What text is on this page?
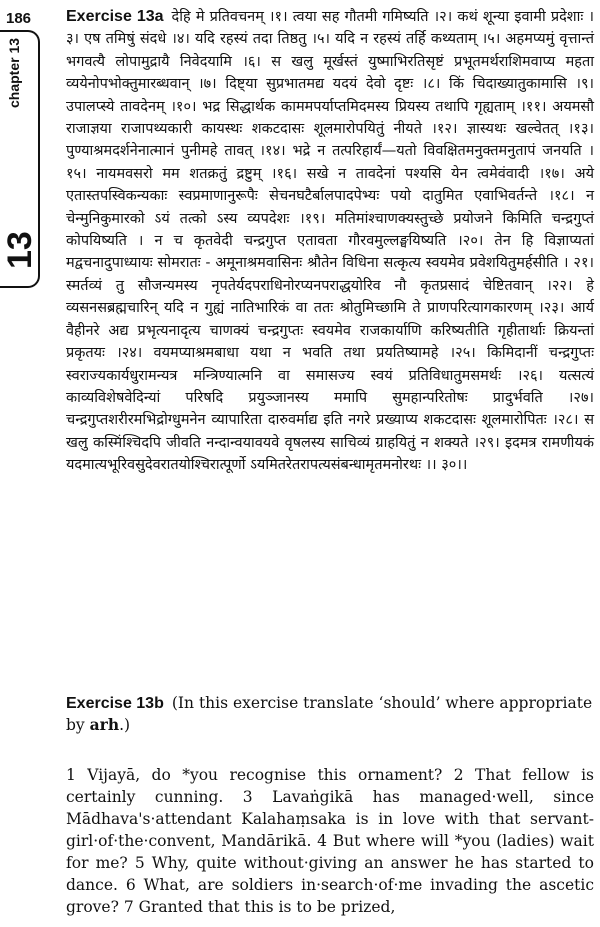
186
chapter 13
13
Exercise 13a देहि मे प्रतिवचनम् ।१। त्वया सह गौतमी गमिष्यति ।२। कथं शून्या इवामी प्रदेशाः ।३। एष तमिषुं संदधे ।४। यदि रहस्यं तदा तिष्ठतु ।५। यदि न रहस्यं तर्हि कथ्यताम् ।५। अहमप्यमुं वृत्तान्तं भगवत्यै लोपामुद्रायै निवेदयामि ।६। स खलु मूर्खस्तं युष्माभिरतिसृष्टं प्रभूतमर्थराशिमवाप्य महता व्ययेनोपभोक्तुमारब्धवान् ।७। दिष्ट्या सुप्रभातमद्य यदयं देवो दृष्टः ।८। किं चिदाख्यातुकामासि ।९। उपालप्स्ये तावदेनम् ।१०। भद्र सिद्धार्थक काममपर्याप्तमिदमस्य प्रियस्य तथापि गृह्यताम् ।११। अयमसौ राजाज्ञया राजापथ्यकारी कायस्थः शकटदासः शूलमारोपयितुं नीयते ।१२। ज्ञास्यथः खल्वेतत् ।१३। पुण्याश्रमदर्शनेनात्मानं पुनीमहे तावत् ।१४। भद्रे न तत्परिहार्यं—यतो विवक्षितमनुक्तमनुतापं जनयति ।१५। नायमवसरो मम शतक्रतुं द्रष्टुम् ।१६। सखे न तावदेनां पश्यसि येन त्वमेवंवादी ।१७। अये एतास्तपस्विकन्यकाः स्वप्रमाणानुरूपैः सेचनघटैर्बालपादपेभ्यः पयो दातुमित एवाभिवर्तन्ते ।१८। न चेन्मुनिकुमारको ऽयं तत्को ऽस्य व्यपदेशः ।१९। मतिमांश्चाणक्यस्तुच्छे प्रयोजने किमिति चन्द्रगुप्तं कोपयिष्यति । न च कृतवेदी चन्द्रगुप्त एतावता गौरवमुल्लङ्घयिष्यति ।२०। तेन हि विज्ञाप्यतां मद्वचनादुपाध्यायः सोमरातः - अमूनाश्रमवासिनः श्रौतेन विधिना सत्कृत्य स्वयमेव प्रवेशयितुमर्हसीति । २१। स्मर्तव्यं तु सौजन्यमस्य नृपतेर्यदपराधिनोरप्यनपराद्धयोरिव नौ कृतप्रसादं चेष्टितवान् ।२२। हे व्यसनसब्रह्मचारिन् यदि न गुह्यं नातिभारिकं वा ततः श्रोतुमिच्छामि ते प्राणपरित्यागकारणम् ।२३। आर्य वैहीनरे अद्य प्रभृत्यनादृत्य चाणक्यं चन्द्रगुप्तः स्वयमेव राजकार्याणि करिष्यतीति गृहीतार्थाः क्रियन्तां प्रकृतयः ।२४। वयमप्याश्रमबाधा यथा न भवति तथा प्रयतिष्यामहे ।२५। किमिदानीं चन्द्रगुप्तः स्वराज्यकार्यधुरामन्यत्र मन्त्रिण्यात्मनि वा समासज्य स्वयं प्रतिविधातुमसमर्थः ।२६। यत्सत्यं काव्यविशेषवेदिन्यां परिषदि प्रयुञ्जानस्य ममापि सुमहान्परितोषः प्रादुर्भवति ।२७। चन्द्रगुप्तशरीरमभिद्रोग्धुमनेन व्यापारिता दारुवर्माद्य इति नगरे प्रख्याप्य शकटदासः शूलमारोपितः ।२८। स खलु कस्मिंश्चिदपि जीवति नन्दान्वयावयवे वृषलस्य साचिव्यं ग्राहयितुं न शक्यते ।२९। इदमत्र रामणीयकं यदमात्यभूरिवसुदेवरातयोश्चिरात्पूर्णो ऽयमितरेतरापत्यसंबन्धामृतमनोरथः ।। ३०।।
Exercise 13b (In this exercise translate ‘should’ where appropriate by arh.)
1 Vijayā, do *you recognise this ornament? 2 That fellow is certainly cunning. 3 Lavaṅgikā has managed·well, since Mādhava's·attendant Kalahaṃsaka is in love with that servant-girl·of·the·convent, Mandārikā. 4 But where will *you (ladies) wait for me? 5 Why, quite without·giving an answer he has started to dance. 6 What, are soldiers in·search·of·me invading the ascetic grove? 7 Granted that this is to be prized,
